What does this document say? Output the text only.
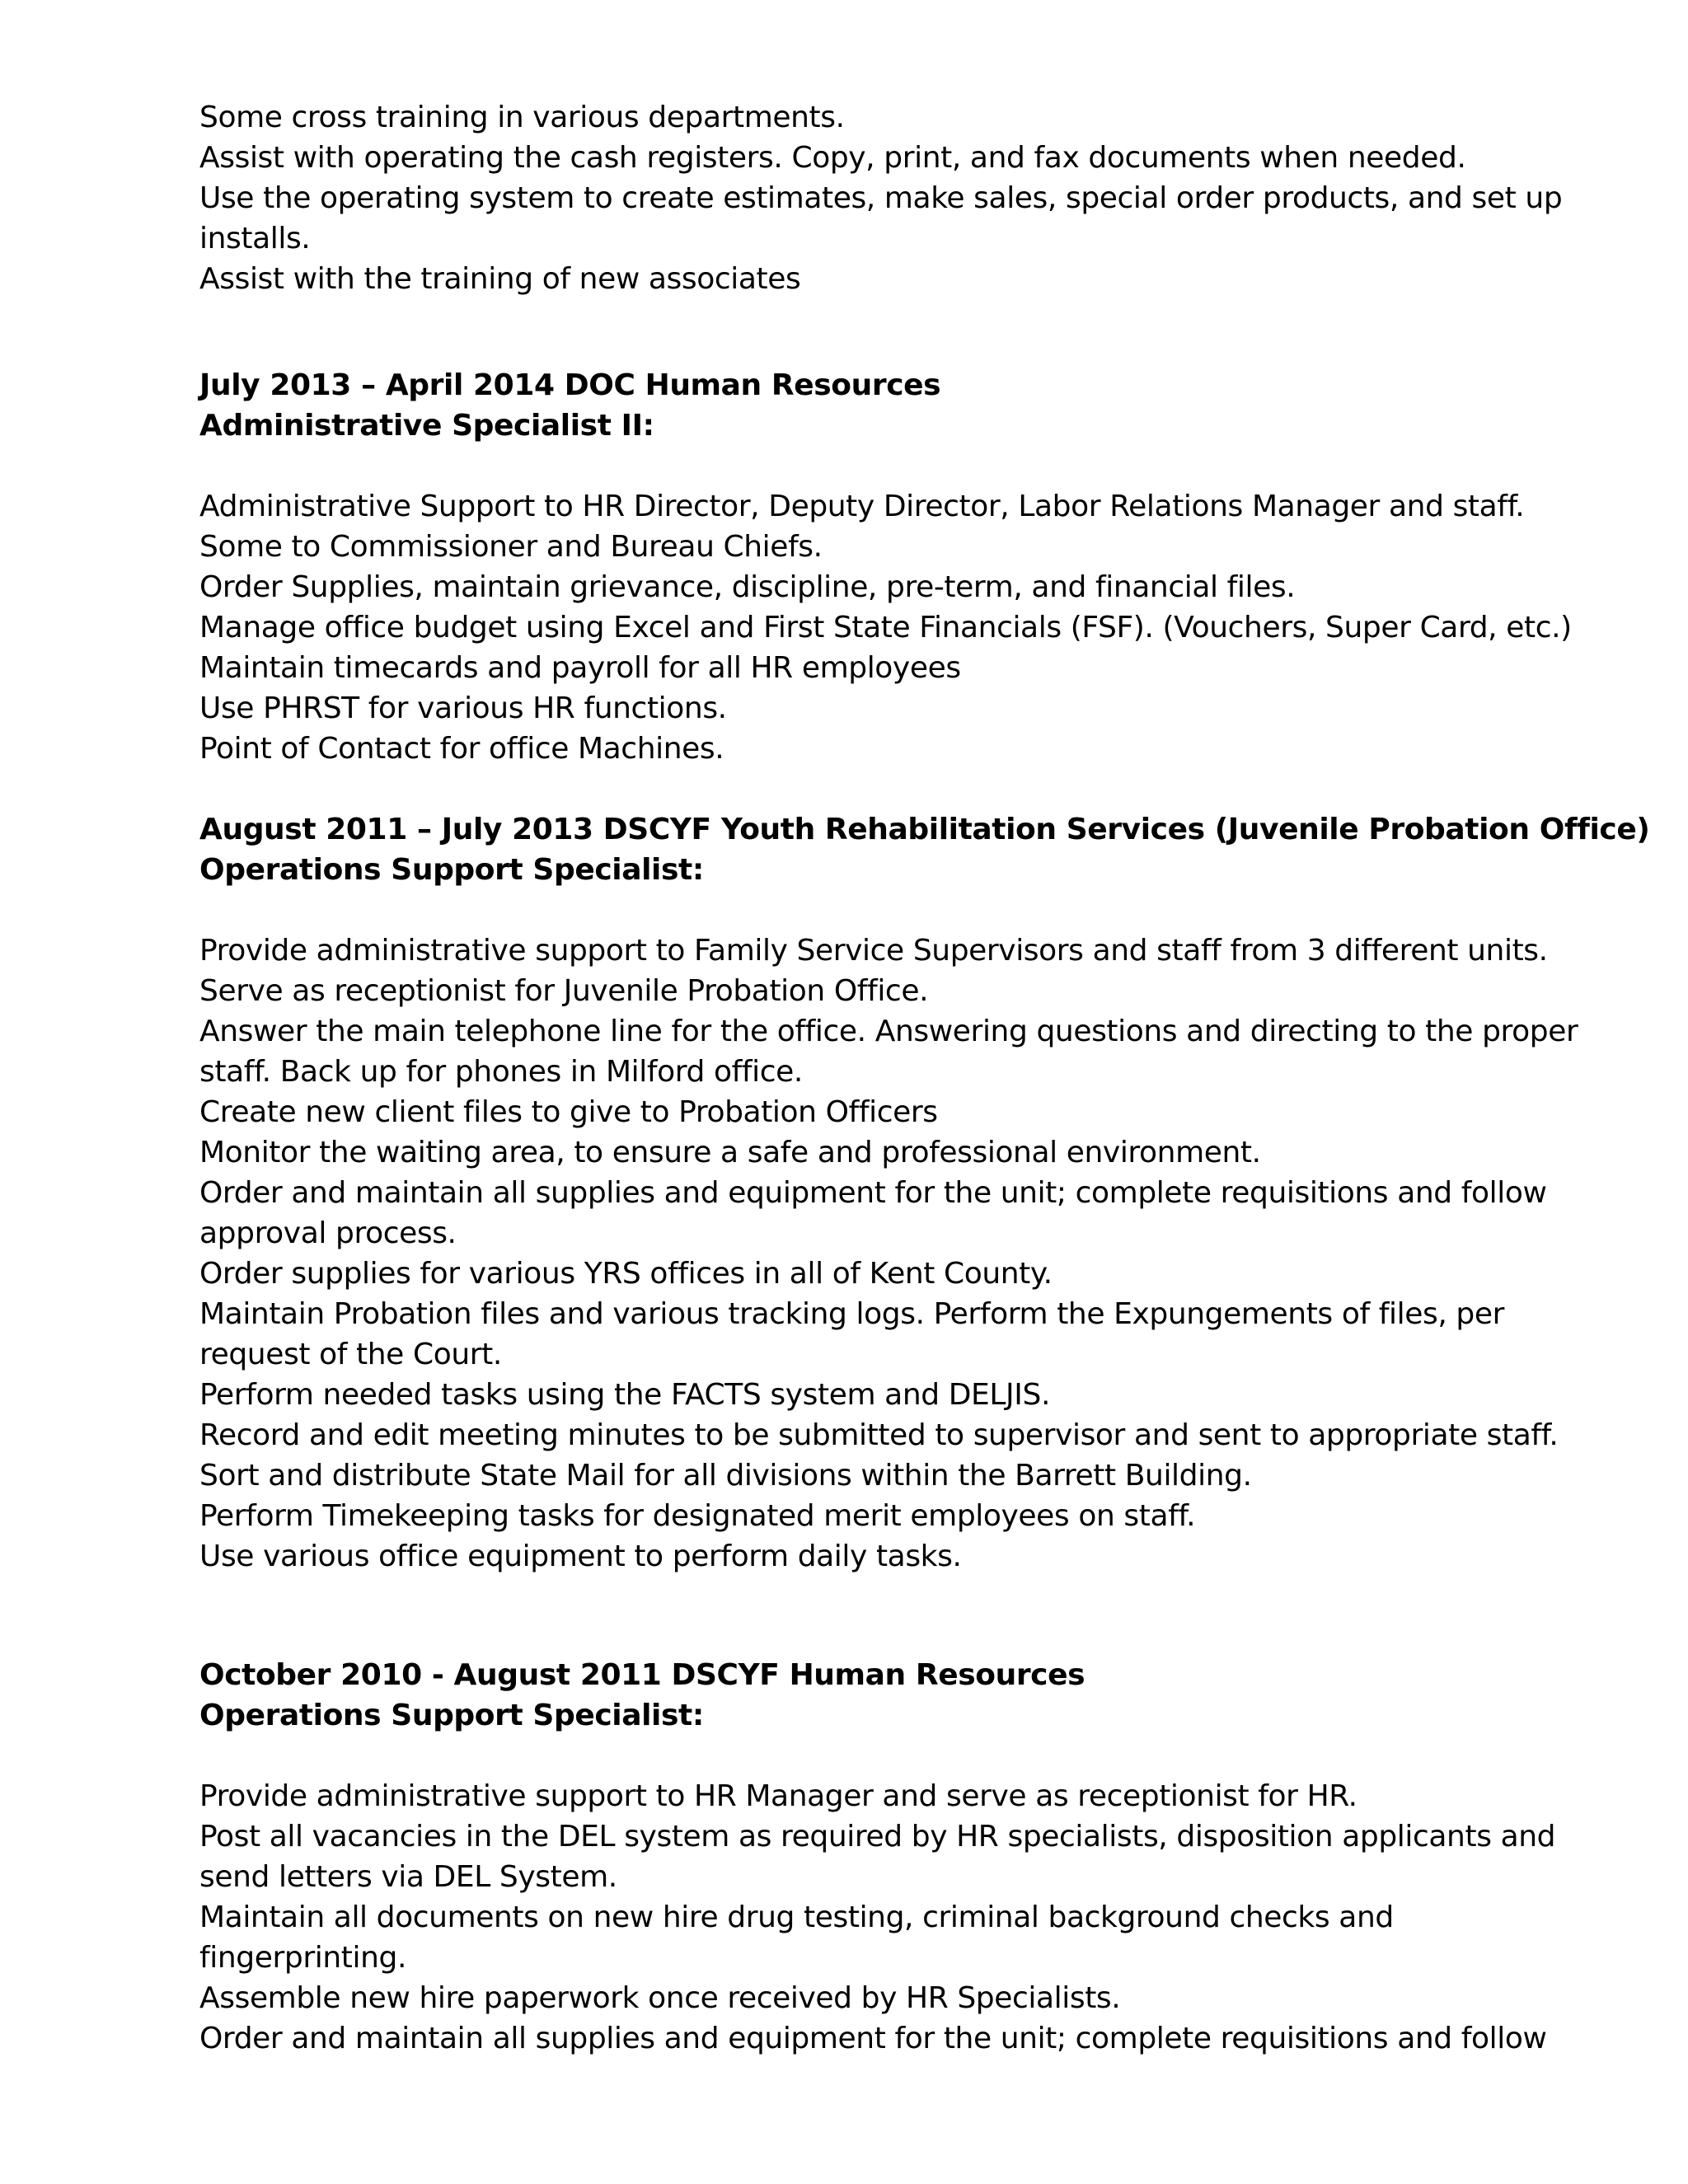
Some cross training in various departments.
Assist with operating the cash registers. Copy, print, and fax documents when needed.
Use the operating system to create estimates, make sales, special order products, and set up
installs.
Assist with the training of new associates
July 2013 – April 2014 DOC Human Resources
Administrative Specialist II:
Administrative Support to HR Director, Deputy Director, Labor Relations Manager and staff.
Some to Commissioner and Bureau Chiefs.
Order Supplies, maintain grievance, discipline, pre-term, and financial files.
Manage office budget using Excel and First State Financials (FSF). (Vouchers, Super Card, etc.)
Maintain timecards and payroll for all HR employees
Use PHRST for various HR functions.
Point of Contact for office Machines.
August 2011 – July 2013 DSCYF Youth Rehabilitation Services (Juvenile Probation Office)
Operations Support Specialist:
Provide administrative support to Family Service Supervisors and staff from 3 different units.
Serve as receptionist for Juvenile Probation Office.
Answer the main telephone line for the office. Answering questions and directing to the proper
staff. Back up for phones in Milford office.
Create new client files to give to Probation Officers
Monitor the waiting area, to ensure a safe and professional environment.
Order and maintain all supplies and equipment for the unit; complete requisitions and follow
approval process.
Order supplies for various YRS offices in all of Kent County.
Maintain Probation files and various tracking logs. Perform the Expungements of files, per
request of the Court.
Perform needed tasks using the FACTS system and DELJIS.
Record and edit meeting minutes to be submitted to supervisor and sent to appropriate staff.
Sort and distribute State Mail for all divisions within the Barrett Building.
Perform Timekeeping tasks for designated merit employees on staff.
Use various office equipment to perform daily tasks.
October 2010 - August 2011 DSCYF Human Resources
Operations Support Specialist:
Provide administrative support to HR Manager and serve as receptionist for HR.
Post all vacancies in the DEL system as required by HR specialists, disposition applicants and
send letters via DEL System.
Maintain all documents on new hire drug testing, criminal background checks and
fingerprinting.
Assemble new hire paperwork once received by HR Specialists.
Order and maintain all supplies and equipment for the unit; complete requisitions and follow
